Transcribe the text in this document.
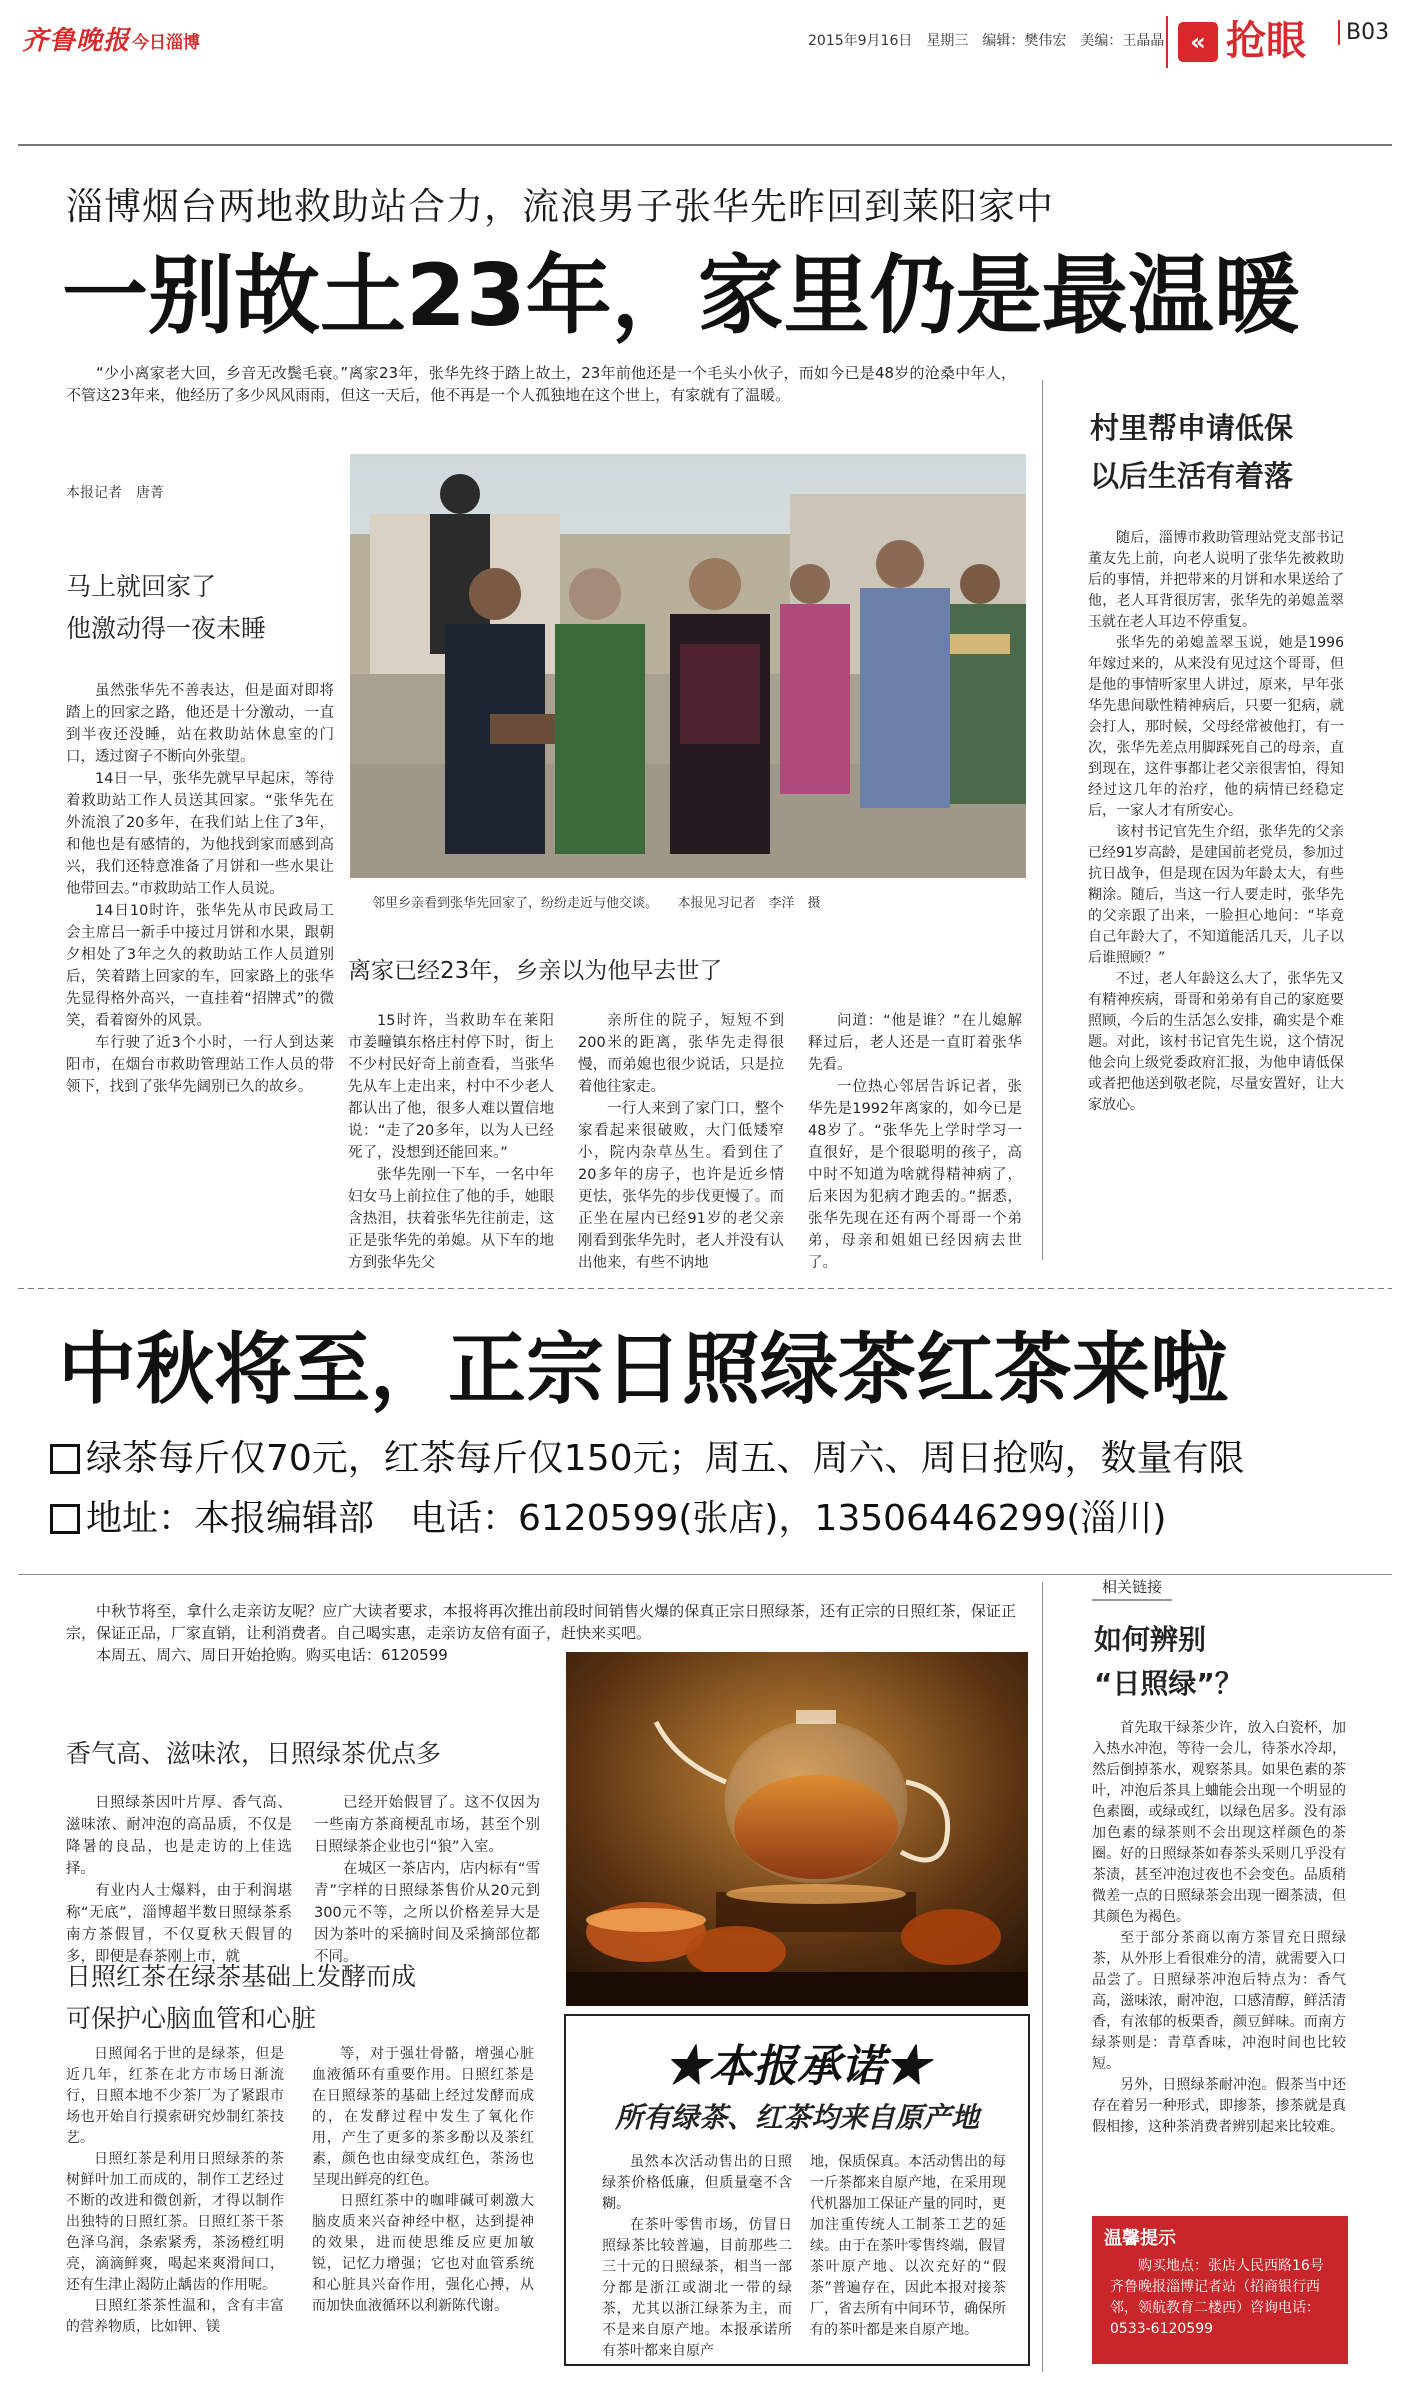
齐鲁晚报 今日淄博	2015年9月16日　星期三　编辑：樊伟宏　美编：王晶晶	« 抢眼	B03
淄博烟台两地救助站合力，流浪男子张华先昨回到莱阳家中
一别故土23年，家里仍是最温暖

“少小离家老大回，乡音无改鬓毛衰。”离家23年，张华先终于踏上故土，23年前他还是一个毛头小伙子，而如今已是48岁的沧桑中年人，不管这23年来，他经历了多少风风雨雨，但这一天后，他不再是一个人孤独地在这个世上，有家就有了温暖。

本报记者　唐菁
马上就回家了
他激动得一夜未睡

虽然张华先不善表达，但是面对即将踏上的回家之路，他还是十分激动，一直到半夜还没睡，站在救助站休息室的门口，透过窗子不断向外张望。

14日一早，张华先就早早起床，等待着救助站工作人员送其回家。“张华先在外流浪了20多年，在我们站上住了3年，和他也是有感情的，为他找到家而感到高兴，我们还特意准备了月饼和一些水果让他带回去。”市救助站工作人员说。

14日10时许，张华先从市民政局工会主席吕一新手中接过月饼和水果，跟朝夕相处了3年之久的救助站工作人员道别后，笑着踏上回家的车，回家路上的张华先显得格外高兴，一直挂着“招牌式”的微笑，看着窗外的风景。

车行驶了近3个小时，一行人到达莱阳市，在烟台市救助管理站工作人员的带领下，找到了张华先阔别已久的故乡。

邻里乡亲看到张华先回家了，纷纷走近与他交谈。　　本报见习记者　李洋　摄
离家已经23年，乡亲以为他早去世了

15时许，当救助车在莱阳市姜疃镇东格庄村停下时，街上不少村民好奇上前查看，当张华先从车上走出来，村中不少老人都认出了他，很多人难以置信地说：“走了20多年，以为人已经死了，没想到还能回来。”

张华先刚一下车，一名中年妇女马上前拉住了他的手，她眼含热泪，扶着张华先往前走，这正是张华先的弟媳。从下车的地方到张华先父

亲所住的院子，短短不到200米的距离，张华先走得很慢，而弟媳也很少说话，只是拉着他往家走。

一行人来到了家门口，整个家看起来很破败，大门低矮窄小，院内杂草丛生。看到住了20多年的房子，也许是近乡情更怯，张华先的步伐更慢了。而正坐在屋内已经91岁的老父亲刚看到张华先时，老人并没有认出他来，有些不讷地

问道：“他是谁？”在儿媳解释过后，老人还是一直盯着张华先看。

一位热心邻居告诉记者，张华先是1992年离家的，如今已是48岁了。“张华先上学时学习一直很好，是个很聪明的孩子，高中时不知道为啥就得精神病了，后来因为犯病才跑丢的。”据悉，张华先现在还有两个哥哥一个弟弟，母亲和姐姐已经因病去世了。

村里帮申请低保
以后生活有着落

随后，淄博市救助管理站党支部书记董友先上前，向老人说明了张华先被救助后的事情，并把带来的月饼和水果送给了他，老人耳背很厉害，张华先的弟媳盖翠玉就在老人耳边不停重复。

张华先的弟媳盖翠玉说，她是1996年嫁过来的，从来没有见过这个哥哥，但是他的事情听家里人讲过，原来，早年张华先患间歇性精神病后，只要一犯病，就会打人，那时候，父母经常被他打，有一次，张华先差点用脚踩死自己的母亲，直到现在，这件事都让老父亲很害怕，得知经过这几年的治疗，他的病情已经稳定后，一家人才有所安心。

该村书记官先生介绍，张华先的父亲已经91岁高龄，是建国前老党员，参加过抗日战争，但是现在因为年龄太大，有些糊涂。随后，当这一行人要走时，张华先的父亲跟了出来，一脸担心地问：“毕竟自己年龄大了，不知道能活几天，儿子以后谁照顾？”

不过，老人年龄这么大了，张华先又有精神疾病，哥哥和弟弟有自己的家庭要照顾，今后的生活怎么安排，确实是个难题。对此，该村书记官先生说，这个情况他会向上级党委政府汇报，为他申请低保或者把他送到敬老院，尽量安置好，让大家放心。

中秋将至，正宗日照绿茶红茶来啦
绿茶每斤仅70元，红茶每斤仅150元；周五、周六、周日抢购，数量有限
地址：本报编辑部　电话：6120599(张店)，13506446299(淄川)

中秋节将至，拿什么走亲访友呢？应广大读者要求，本报将再次推出前段时间销售火爆的保真正宗日照绿茶，还有正宗的日照红茶，保证正宗，保证正品，厂家直销，让利消费者。自己喝实惠，走亲访友倍有面子，赶快来买吧。

本周五、周六、周日开始抢购。购买电话：6120599

香气高、滋味浓，日照绿茶优点多

日照绿茶因叶片厚、香气高、滋味浓、耐冲泡的高品质，不仅是降暑的良品，也是走访的上佳选择。

有业内人士爆料，由于利润堪称“无底”，淄博超半数日照绿茶系南方茶假冒，不仅夏秋天假冒的多，即便是春茶刚上市，就

已经开始假冒了。这不仅因为一些南方茶商梗乱市场，甚至个别日照绿茶企业也引“狼”入室。

在城区一茶店内，店内标有“雪青”字样的日照绿茶售价从20元到300元不等，之所以价格差异大是因为茶叶的采摘时间及采摘部位都不同。

日照红茶在绿茶基础上发酵而成
可保护心脑血管和心脏

日照闻名于世的是绿茶，但是近几年，红茶在北方市场日渐流行，日照本地不少茶厂为了紧跟市场也开始自行摸索研究炒制红茶技艺。

日照红茶是利用日照绿茶的茶树鲜叶加工而成的，制作工艺经过不断的改进和微创新，才得以制作出独特的日照红茶。日照红茶干茶色泽乌润，条索紧秀，茶汤橙红明亮，滴滴鲜爽，喝起来爽滑间口，还有生津止渴防止龋齿的作用呢。

日照红茶茶性温和，含有丰富的营养物质，比如钾、镁

等，对于强壮骨骼，增强心脏血液循环有重要作用。日照红茶是在日照绿茶的基础上经过发酵而成的，在发酵过程中发生了氧化作用，产生了更多的茶多酚以及茶红素，颜色也由绿变成红色，茶汤也呈现出鲜亮的红色。

日照红茶中的咖啡碱可刺激大脑皮质来兴奋神经中枢，达到提神的效果，进而使思维反应更加敏锐，记忆力增强；它也对血管系统和心脏具兴奋作用，强化心搏，从而加快血液循环以利新陈代谢。

★本报承诺★
所有绿茶、红茶均来自原产地

虽然本次活动售出的日照绿茶价格低廉，但质量毫不含糊。

在茶叶零售市场，仿冒日照绿茶比较普遍，目前那些二三十元的日照绿茶，相当一部分都是浙江或湖北一带的绿茶，尤其以浙江绿茶为主，而不是来自原产地。本报承诺所有茶叶都来自原产

地，保质保真。本活动售出的每一斤茶都来自原产地，在采用现代机器加工保证产量的同时，更加注重传统人工制茶工艺的延续。由于在茶叶零售终端，假冒茶叶原产地、以次充好的“假茶”普遍存在，因此本报对接茶厂，省去所有中间环节，确保所有的茶叶都是来自原产地。

相关链接
如何辨别
“日照绿”？

首先取干绿茶少许，放入白瓷杯，加入热水冲泡，等待一会儿，待茶水冷却，然后倒掉茶水，观察茶具。如果色素的茶叶，冲泡后茶具上蛐能会出现一个明显的色素圈，或绿或红，以绿色居多。没有添加色素的绿茶则不会出现这样颜色的茶圈。好的日照绿茶如春茶头采则几乎没有茶渍，甚至冲泡过夜也不会变色。品质稍微差一点的日照绿茶会出现一圈茶渍，但其颜色为褐色。

至于部分茶商以南方茶冒充日照绿茶，从外形上看很难分的清，就需要入口品尝了。日照绿茶冲泡后特点为：香气高，滋味浓，耐冲泡，口感清醇，鲜活清香，有浓郁的板栗香，颜豆鲜味。而南方绿茶则是：青草香味，冲泡时间也比较短。

另外，日照绿茶耐冲泡。假茶当中还存在着另一种形式，即掺茶，掺茶就是真假相掺，这种茶消费者辨别起来比较难。

温馨提示
购买地点：张店人民西路16号齐鲁晚报淄博记者站（招商银行西邻，领航教育二楼西）咨询电话：0533-6120599
